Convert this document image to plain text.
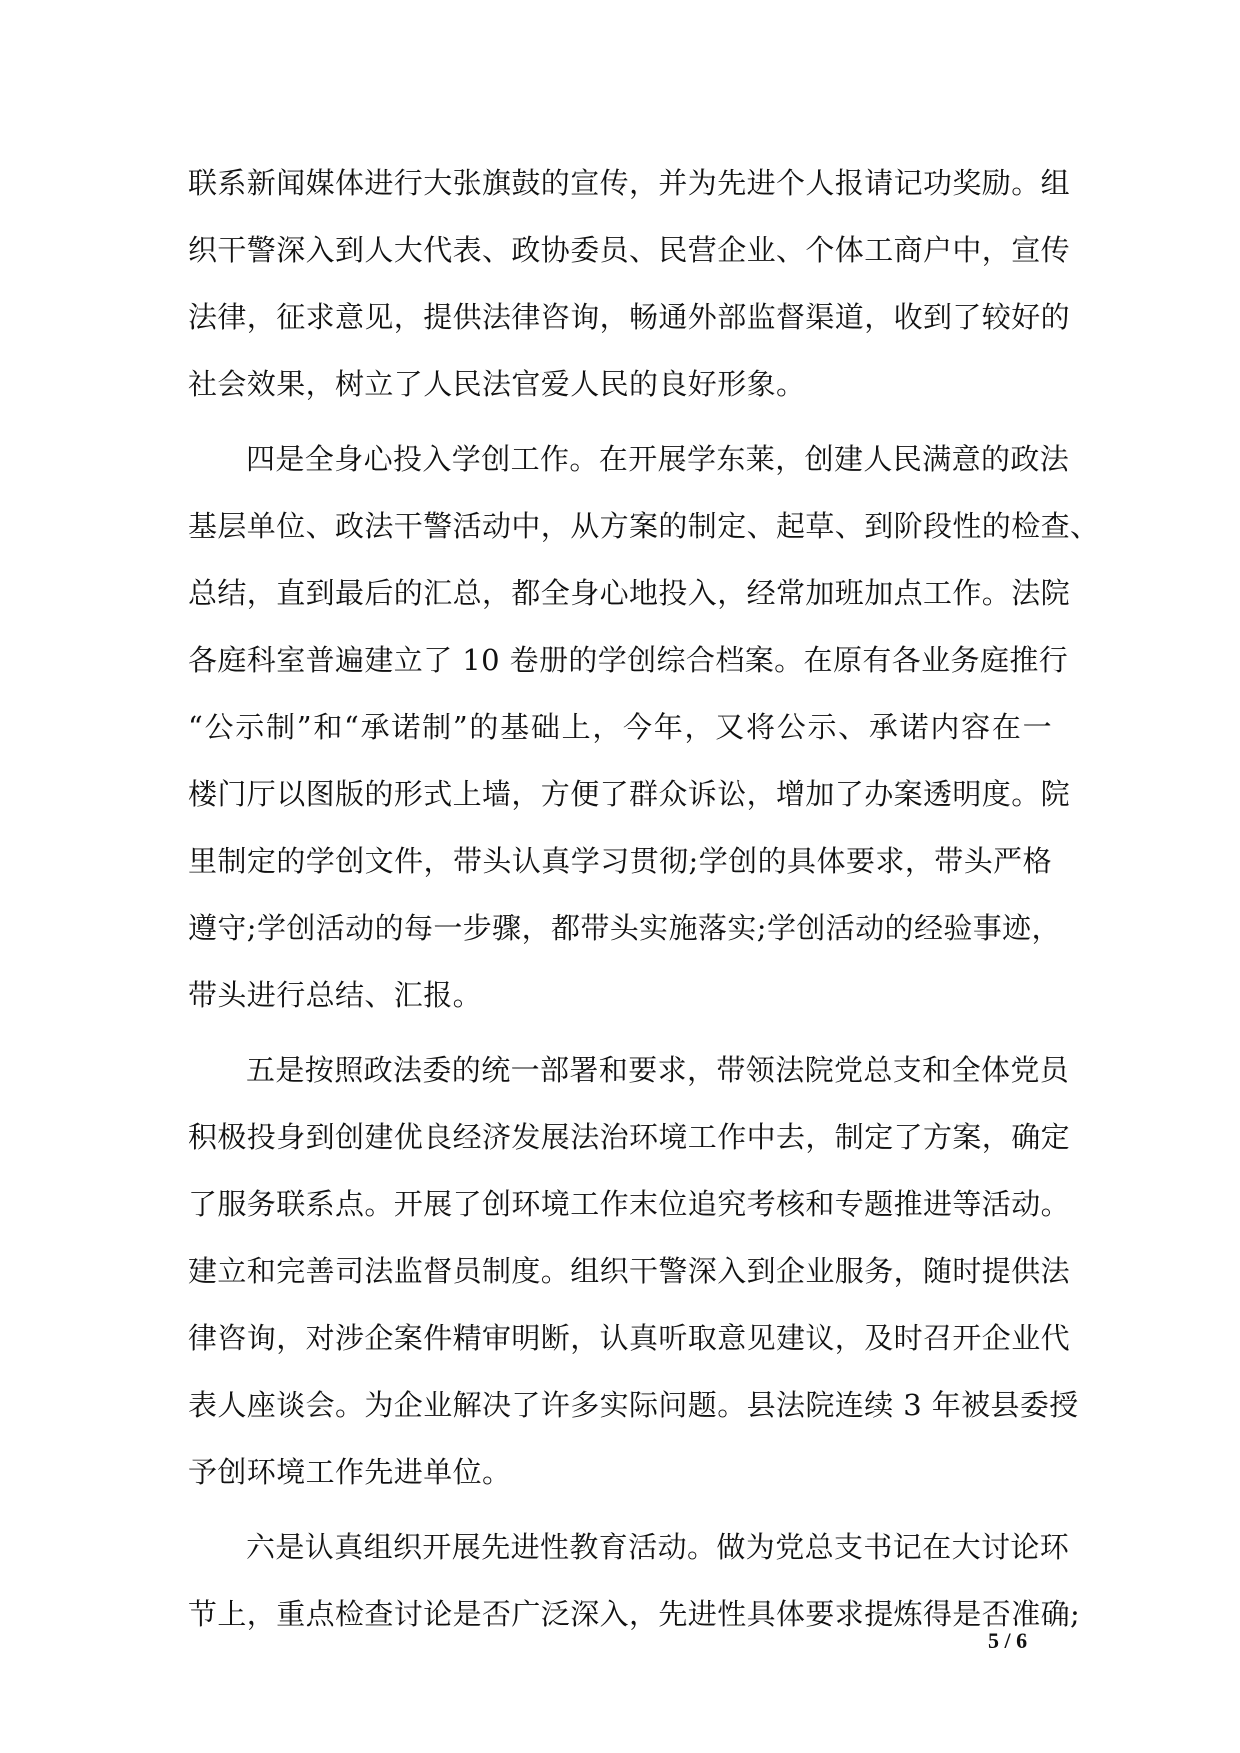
联系新闻媒体进行大张旗鼓的宣传，并为先进个人报请记功奖励。组
织干警深入到人大代表、政协委员、民营企业、个体工商户中，宣传
法律，征求意见，提供法律咨询，畅通外部监督渠道，收到了较好的
社会效果，树立了人民法官爱人民的良好形象。
四是全身心投入学创工作。在开展学东莱，创建人民满意的政法
基层单位、政法干警活动中，从方案的制定、起草、到阶段性的检查、
总结，直到最后的汇总，都全身心地投入，经常加班加点工作。法院
各庭科室普遍建立了 10 卷册的学创综合档案。在原有各业务庭推行
“公示制”和“承诺制”的基础上，今年，又将公示、承诺内容在一
楼门厅以图版的形式上墙，方便了群众诉讼，增加了办案透明度。院
里制定的学创文件，带头认真学习贯彻;学创的具体要求，带头严格
遵守;学创活动的每一步骤，都带头实施落实;学创活动的经验事迹，
带头进行总结、汇报。
五是按照政法委的统一部署和要求，带领法院党总支和全体党员
积极投身到创建优良经济发展法治环境工作中去，制定了方案，确定
了服务联系点。开展了创环境工作末位追究考核和专题推进等活动。
建立和完善司法监督员制度。组织干警深入到企业服务，随时提供法
律咨询，对涉企案件精审明断，认真听取意见建议，及时召开企业代
表人座谈会。为企业解决了许多实际问题。县法院连续 3 年被县委授
予创环境工作先进单位。
六是认真组织开展先进性教育活动。做为党总支书记在大讨论环
节上，重点检查讨论是否广泛深入，先进性具体要求提炼得是否准确;
5 / 6
